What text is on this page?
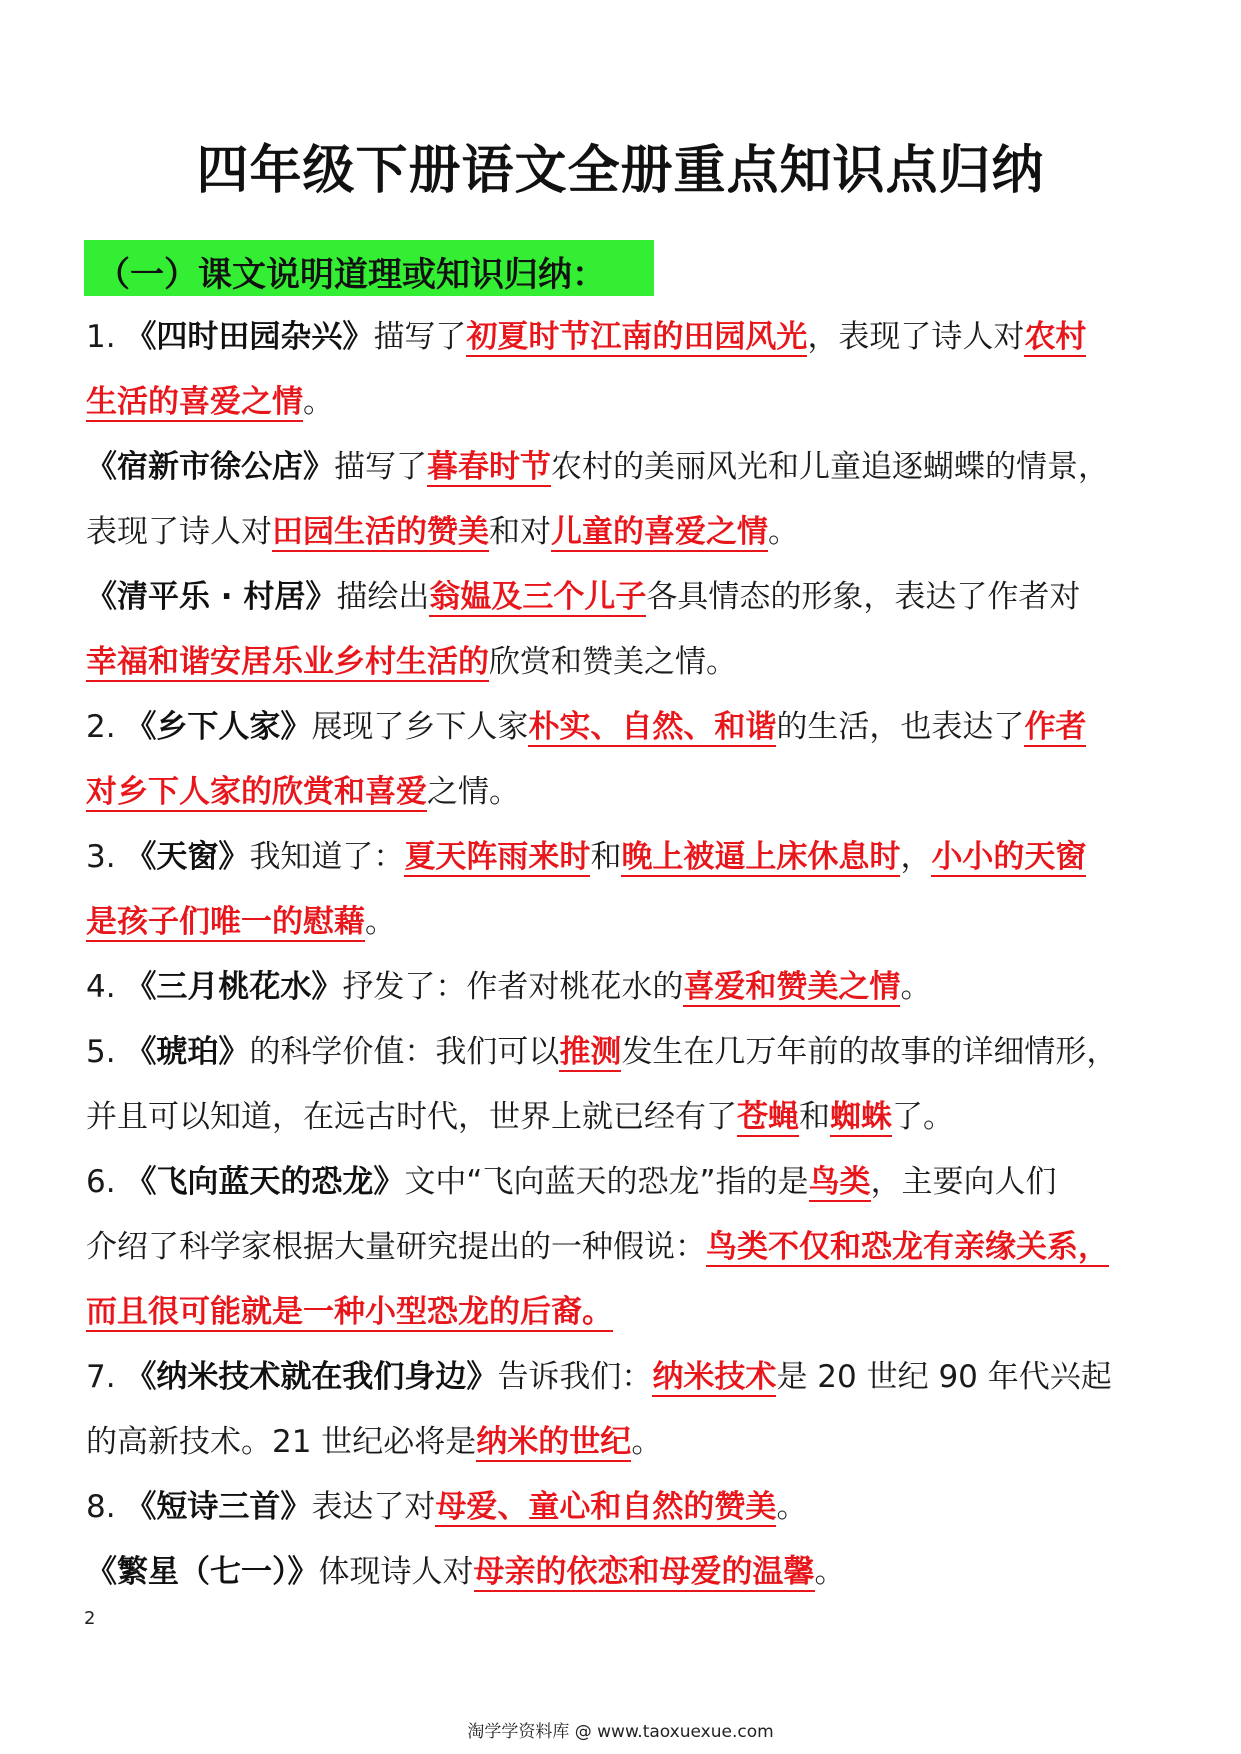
四年级下册语文全册重点知识点归纳
（一）课文说明道理或知识归纳：
1. 《四时田园杂兴》描写了初夏时节江南的田园风光，表现了诗人对农村
生活的喜爱之情。
《宿新市徐公店》描写了暮春时节农村的美丽风光和儿童追逐蝴蝶的情景，
表现了诗人对田园生活的赞美和对儿童的喜爱之情。
《清平乐 · 村居》描绘出翁媪及三个儿子各具情态的形象，表达了作者对
幸福和谐安居乐业乡村生活的欣赏和赞美之情。
2. 《乡下人家》展现了乡下人家朴实、自然、和谐的生活，也表达了作者
对乡下人家的欣赏和喜爱之情。
3. 《天窗》我知道了：夏天阵雨来时和晚上被逼上床休息时，小小的天窗
是孩子们唯一的慰藉。
4. 《三月桃花水》抒发了：作者对桃花水的喜爱和赞美之情。
5. 《琥珀》的科学价值：我们可以推测发生在几万年前的故事的详细情形，
并且可以知道，在远古时代，世界上就已经有了苍蝇和蜘蛛了。
6. 《飞向蓝天的恐龙》文中“飞向蓝天的恐龙”指的是鸟类，主要向人们
介绍了科学家根据大量研究提出的一种假说：鸟类不仅和恐龙有亲缘关系，
而且很可能就是一种小型恐龙的后裔。
7. 《纳米技术就在我们身边》告诉我们：纳米技术是 20 世纪 90 年代兴起
的高新技术。21 世纪必将是纳米的世纪。
8. 《短诗三首》表达了对母爱、童心和自然的赞美。
《繁星（七一）》体现诗人对母亲的依恋和母爱的温馨。
2
淘学学资料库 @ www.taoxuexue.com
